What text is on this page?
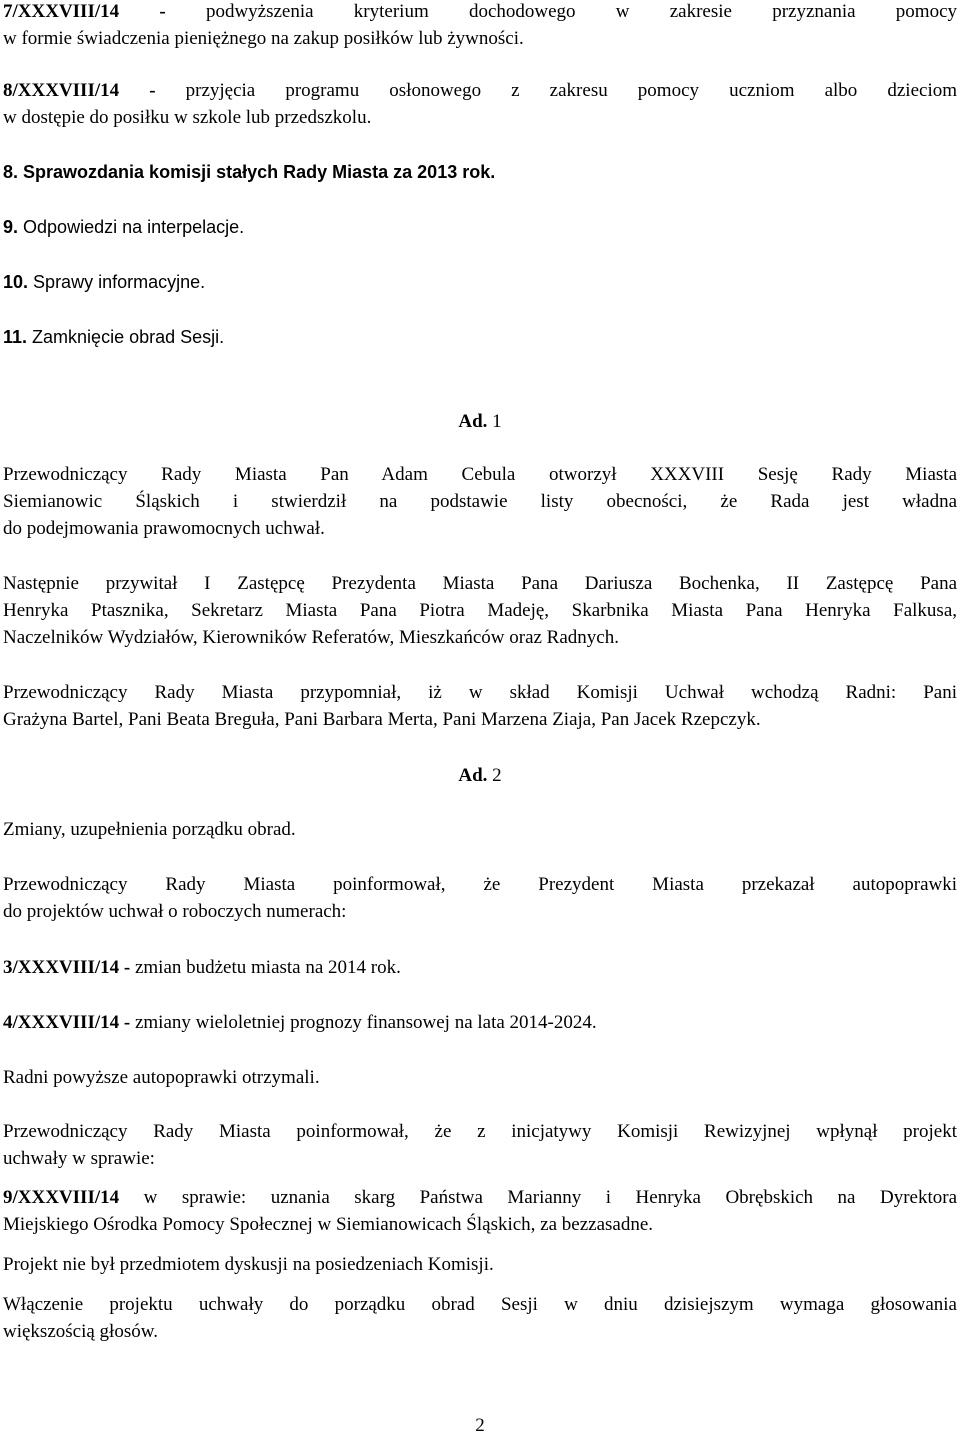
7/XXXVIII/14 - podwyższenia kryterium dochodowego w zakresie przyznania pomocy
w formie świadczenia pieniężnego na zakup posiłków lub żywności.
8/XXXVIII/14 - przyjęcia programu osłonowego z zakresu pomocy uczniom albo dzieciom
w dostępie do posiłku w szkole lub przedszkolu.
8. Sprawozdania komisji stałych Rady Miasta za 2013 rok.
9. Odpowiedzi na interpelacje.
10. Sprawy informacyjne.
11. Zamknięcie obrad Sesji.
Ad. 1
Przewodniczący Rady Miasta Pan Adam Cebula otworzył XXXVIII Sesję Rady Miasta
Siemianowic Śląskich i stwierdził na podstawie listy obecności, że Rada jest władna
do podejmowania prawomocnych uchwał.
Następnie przywitał I Zastępcę Prezydenta Miasta Pana Dariusza Bochenka, II Zastępcę Pana
Henryka Ptasznika, Sekretarz Miasta Pana Piotra Madeję, Skarbnika Miasta Pana Henryka Falkusa,
Naczelników Wydziałów, Kierowników Referatów, Mieszkańców oraz Radnych.
Przewodniczący Rady Miasta przypomniał, iż w skład Komisji Uchwał wchodzą Radni: Pani
Grażyna Bartel, Pani Beata Breguła, Pani Barbara Merta, Pani Marzena Ziaja, Pan Jacek Rzepczyk.
Ad. 2
Zmiany, uzupełnienia porządku obrad.
Przewodniczący Rady Miasta poinformował, że Prezydent Miasta przekazał autopoprawki
do projektów uchwał o roboczych numerach:
3/XXXVIII/14 - zmian budżetu miasta na 2014 rok.
4/XXXVIII/14 - zmiany wieloletniej prognozy finansowej na lata 2014-2024.
Radni powyższe autopoprawki otrzymali.
Przewodniczący Rady Miasta poinformował, że z inicjatywy Komisji Rewizyjnej wpłynął projekt
uchwały w sprawie:
9/XXXVIII/14 w sprawie: uznania skarg Państwa Marianny i Henryka Obrębskich na Dyrektora
Miejskiego Ośrodka Pomocy Społecznej w Siemianowicach Śląskich, za bezzasadne.
Projekt nie był przedmiotem dyskusji na posiedzeniach Komisji.
Włączenie projektu uchwały do porządku obrad Sesji w dniu dzisiejszym wymaga głosowania
większością głosów.
2
